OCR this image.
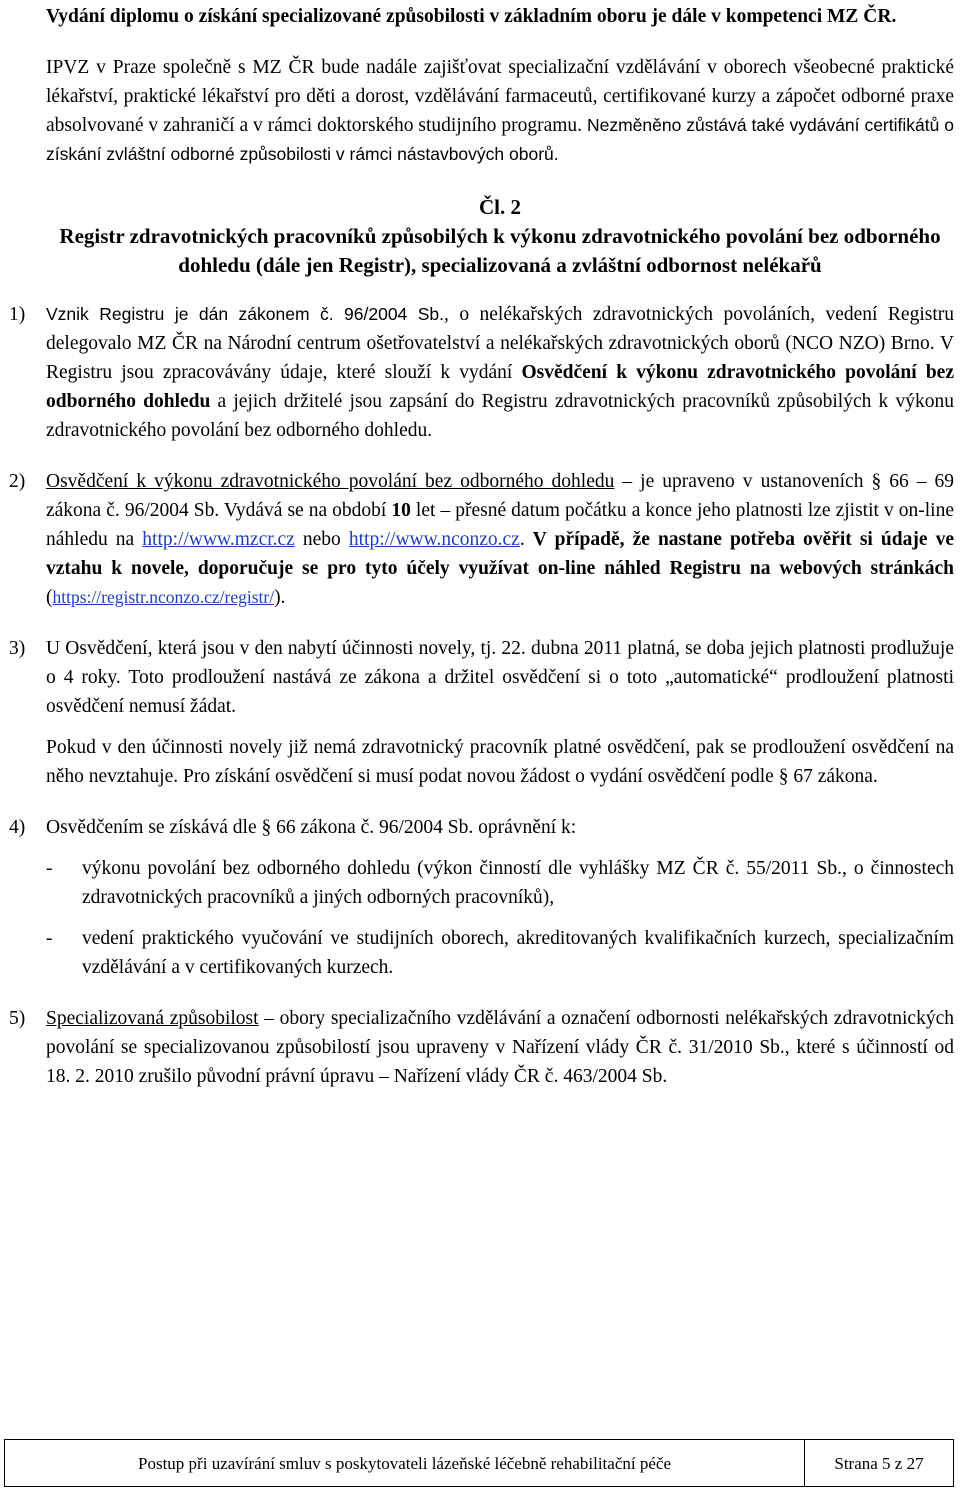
Vydání diplomu o získání specializované způsobilosti v základním oboru je dále v kompetenci MZ ČR.

IPVZ v Praze společně s MZ ČR bude nadále zajišťovat specializační vzdělávání v oborech všeobecné praktické lékařství, praktické lékařství pro děti a dorost, vzdělávání farmaceutů, certifikované kurzy a zápočet odborné praxe absolvované v zahraničí a v rámci doktorského studijního programu. Nezměněno zůstává také vydávání certifikátů o získání zvláštní odborné způsobilosti v rámci nástavbových oborů.

Čl. 2
Registr zdravotnických pracovníků způsobilých k výkonu zdravotnického povolání bez odborného dohledu (dále jen Registr), specializovaná a zvláštní odbornost nelékařů
1) Vznik Registru je dán zákonem č. 96/2004 Sb., o nelékařských zdravotnických povoláních, vedení Registru delegovalo MZ ČR na Národní centrum ošetřovatelství a nelékařských zdravotnických oborů (NCO NZO) Brno. V Registru jsou zpracovávány údaje, které slouží k vydání Osvědčení k výkonu zdravotnického povolání bez odborného dohledu a jejich držitelé jsou zapsání do Registru zdravotnických pracovníků způsobilých k výkonu zdravotnického povolání bez odborného dohledu.

2) Osvědčení k výkonu zdravotnického povolání bez odborného dohledu – je upraveno v ustanoveních § 66 – 69 zákona č. 96/2004 Sb. Vydává se na období 10 let – přesné datum počátku a konce jeho platnosti lze zjistit v on-line náhledu na http://www.mzcr.cz nebo http://www.nconzo.cz. V případě, že nastane potřeba ověřit si údaje ve vztahu k novele, doporučuje se pro tyto účely využívat on-line náhled Registru na webových stránkách (https://registr.nconzo.cz/registr/).

3) U Osvědčení, která jsou v den nabytí účinnosti novely, tj. 22. dubna 2011 platná, se doba jejich platnosti prodlužuje o 4 roky. Toto prodloužení nastává ze zákona a držitel osvědčení si o toto „automatické“ prodloužení platnosti osvědčení nemusí žádat.

Pokud v den účinnosti novely již nemá zdravotnický pracovník platné osvědčení, pak se prodloužení osvědčení na něho nevztahuje. Pro získání osvědčení si musí podat novou žádost o vydání osvědčení podle § 67 zákona.

4) Osvědčením se získává dle § 66 zákona č. 96/2004 Sb. oprávnění k:

- výkonu povolání bez odborného dohledu (výkon činností dle vyhlášky MZ ČR č. 55/2011 Sb., o činnostech zdravotnických pracovníků a jiných odborných pracovníků),

- vedení praktického vyučování ve studijních oborech, akreditovaných kvalifikačních kurzech, specializačním vzdělávání a v certifikovaných kurzech.

5) Specializovaná způsobilost – obory specializačního vzdělávání a označení odbornosti nelékařských zdravotnických povolání se specializovanou způsobilostí jsou upraveny v Nařízení vlády ČR č. 31/2010 Sb., které s účinností od 18. 2. 2010 zrušilo původní právní úpravu – Nařízení vlády ČR č. 463/2004 Sb.

Postup při uzavírání smluv s poskytovateli lázeňské léčebně rehabilitační péče	Strana 5 z 27
